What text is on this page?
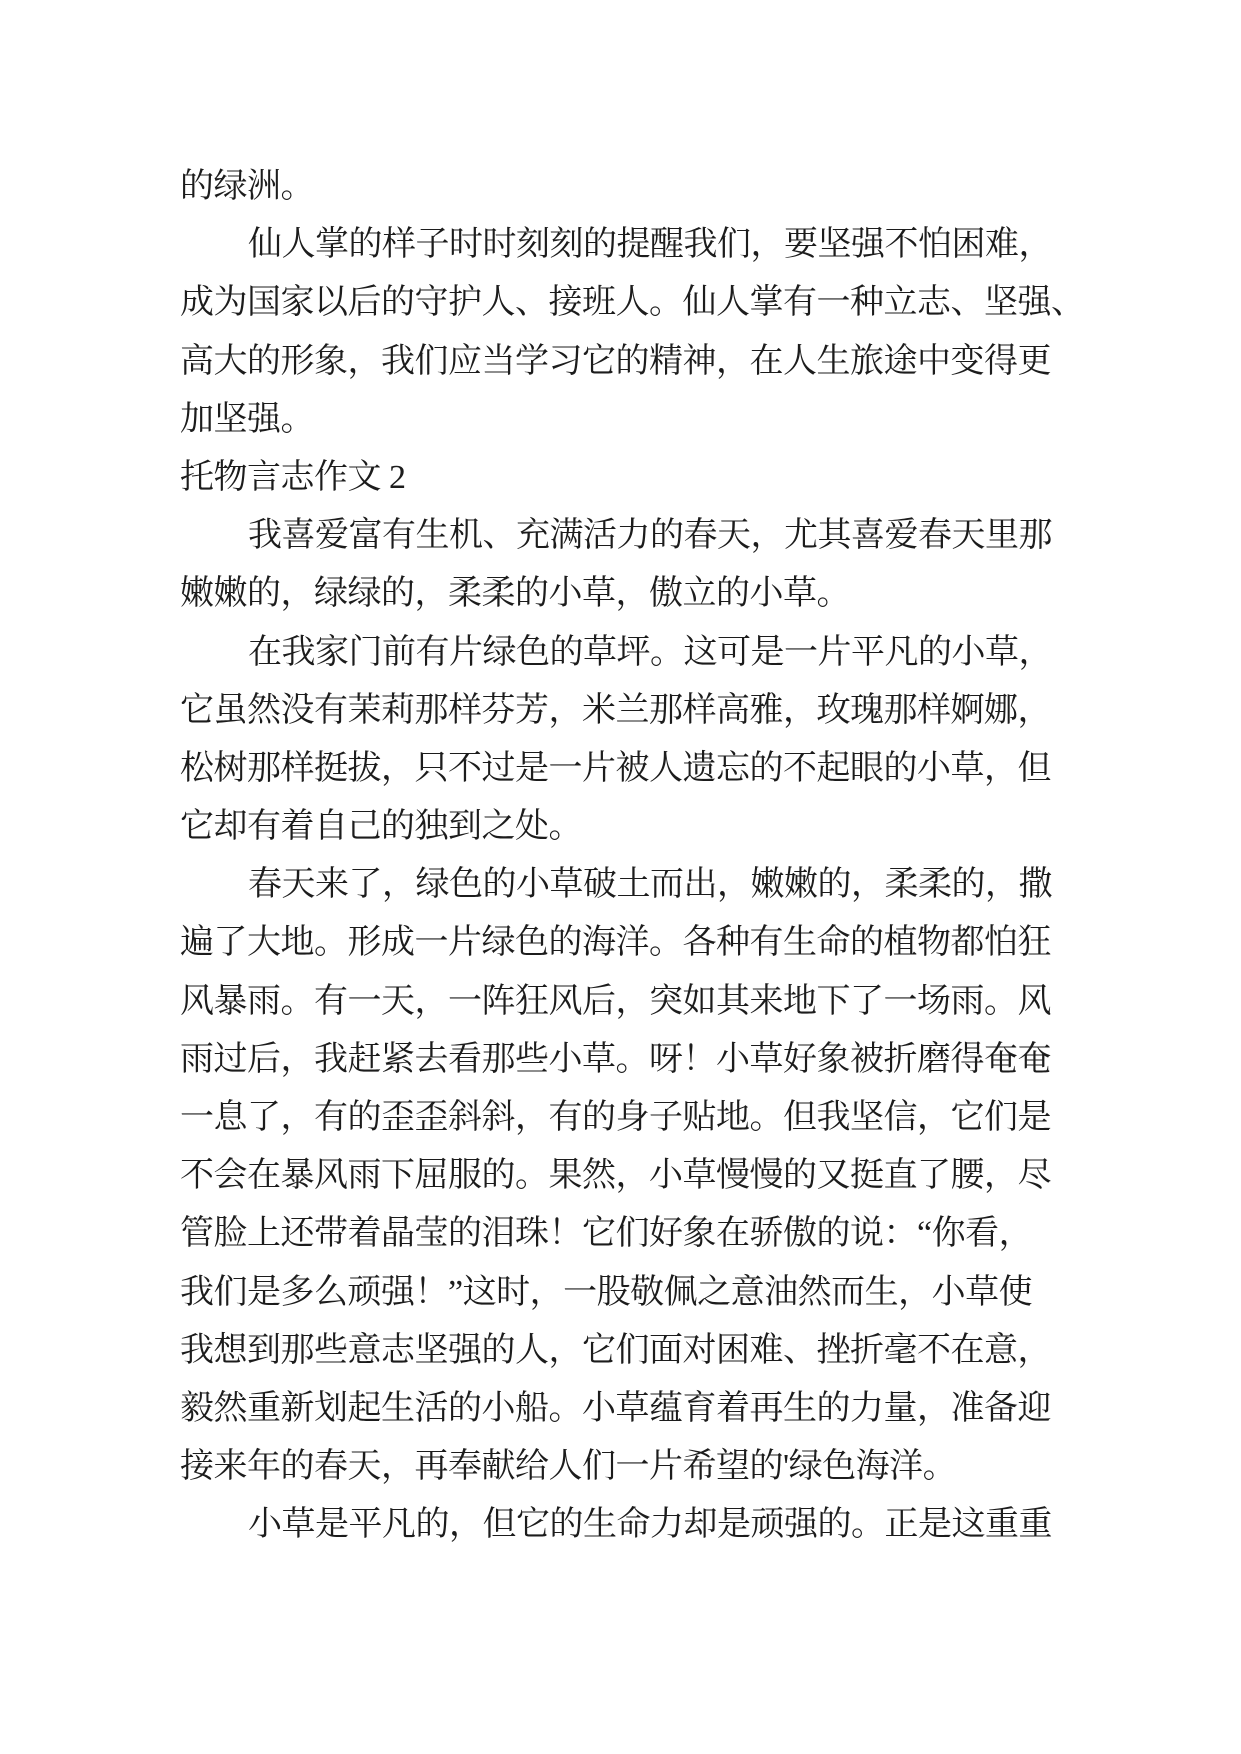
的绿洲。
仙人掌的样子时时刻刻的提醒我们，要坚强不怕困难，
成为国家以后的守护人、接班人。仙人掌有一种立志、坚强、
高大的形象，我们应当学习它的精神，在人生旅途中变得更
加坚强。
托物言志作文 2
我喜爱富有生机、充满活力的春天，尤其喜爱春天里那
嫩嫩的，绿绿的，柔柔的小草，傲立的小草。
在我家门前有片绿色的草坪。这可是一片平凡的小草，
它虽然没有茉莉那样芬芳，米兰那样高雅，玫瑰那样婀娜，
松树那样挺拔，只不过是一片被人遗忘的不起眼的小草，但
它却有着自己的独到之处。
春天来了，绿色的小草破土而出，嫩嫩的，柔柔的，撒
遍了大地。形成一片绿色的海洋。各种有生命的植物都怕狂
风暴雨。有一天，一阵狂风后，突如其来地下了一场雨。风
雨过后，我赶紧去看那些小草。呀！小草好象被折磨得奄奄
一息了，有的歪歪斜斜，有的身子贴地。但我坚信，它们是
不会在暴风雨下屈服的。果然，小草慢慢的又挺直了腰，尽
管脸上还带着晶莹的泪珠！它们好象在骄傲的说：“你看，
我们是多么顽强！”这时，一股敬佩之意油然而生，小草使
我想到那些意志坚强的人，它们面对困难、挫折毫不在意，
毅然重新划起生活的小船。小草蕴育着再生的力量，准备迎
接来年的春天，再奉献给人们一片希望的'绿色海洋。
小草是平凡的，但它的生命力却是顽强的。正是这重重
